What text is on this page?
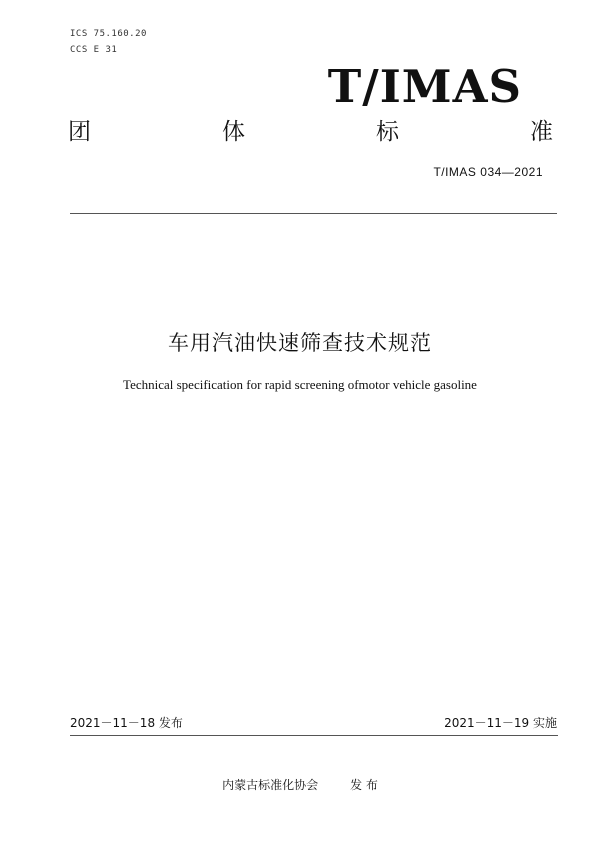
ICS 75.160.20
CCS E 31
T/IMAS
团	体	标	准
T/IMAS 034—2021
车用汽油快速筛查技术规范
Technical specification for rapid screening ofmotor vehicle gasoline
2021－11－18 发布	2021－11－19 实施
内蒙古标准化协会	发 布
